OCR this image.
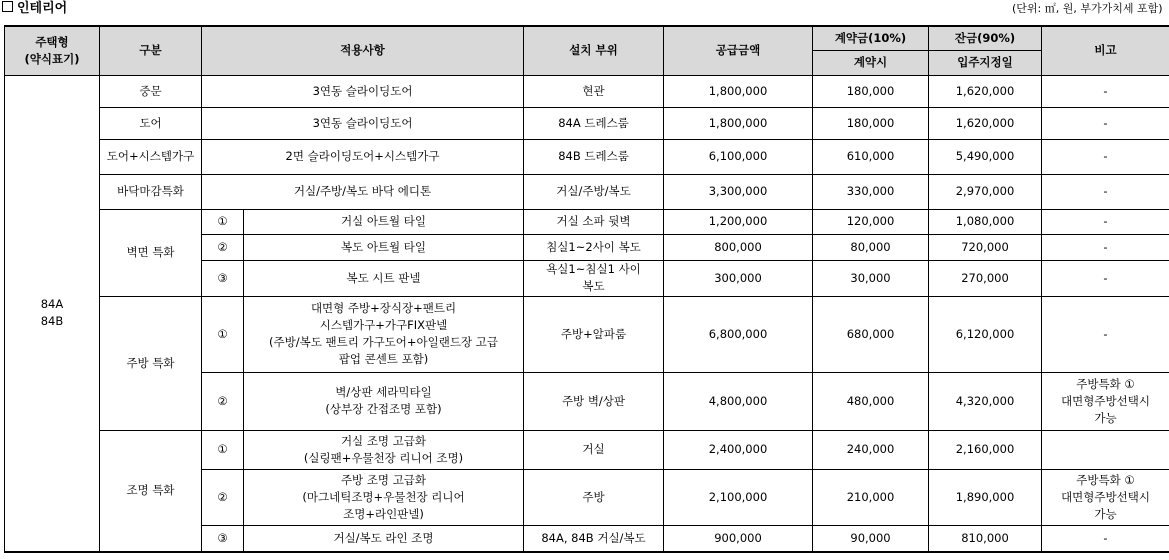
인테리어	(단위: ㎡, 원, 부가가치세 포함)
주택형
(약식표기)	구분	적용사항		설치 부위	공급금액	계약금(10%)	잔금(90%)	비고
						계약시	입주지정일	
84A
84B	중문	3연동 슬라이딩도어		현관	1,800,000	180,000	1,620,000	-
	도어	3연동 슬라이딩도어		84A 드레스룸	1,800,000	180,000	1,620,000	-
	도어+시스템가구	2면 슬라이딩도어+시스템가구		84B 드레스룸	6,100,000	610,000	5,490,000	-
	바닥마감특화	거실/주방/복도 바닥 에디톤		거실/주방/복도	3,300,000	330,000	2,970,000	-
	벽면 특화	①	거실 아트월 타일	거실 소파 뒷벽	1,200,000	120,000	1,080,000	-
		②	복도 아트월 타일	침실1~2사이 복도	800,000	80,000	720,000	-
		③	복도 시트 판넬	욕실1~침실1 사이
복도	300,000	30,000	270,000	-
	주방 특화	①	대면형 주방+장식장+팬트리
시스템가구+가구FIX판넬
(주방/복도 팬트리 가구도어+아일랜드장 고급
팝업 콘센트 포함)	주방+알파룸	6,800,000	680,000	6,120,000	-
		②	벽/상판 세라믹타일
(상부장 간접조명 포함)	주방 벽/상판	4,800,000	480,000	4,320,000	주방특화 ①
대면형주방선택시
가능
	조명 특화	①	거실 조명 고급화
(실링팬+우물천장 리니어 조명)	거실	2,400,000	240,000	2,160,000	
		②	주방 조명 고급화
(마그네틱조명+우물천장 리니어
조명+라인판넬)	주방	2,100,000	210,000	1,890,000	주방특화 ①
대면형주방선택시
가능
		③	거실/복도 라인 조명	84A, 84B 거실/복도	900,000	90,000	810,000	-
